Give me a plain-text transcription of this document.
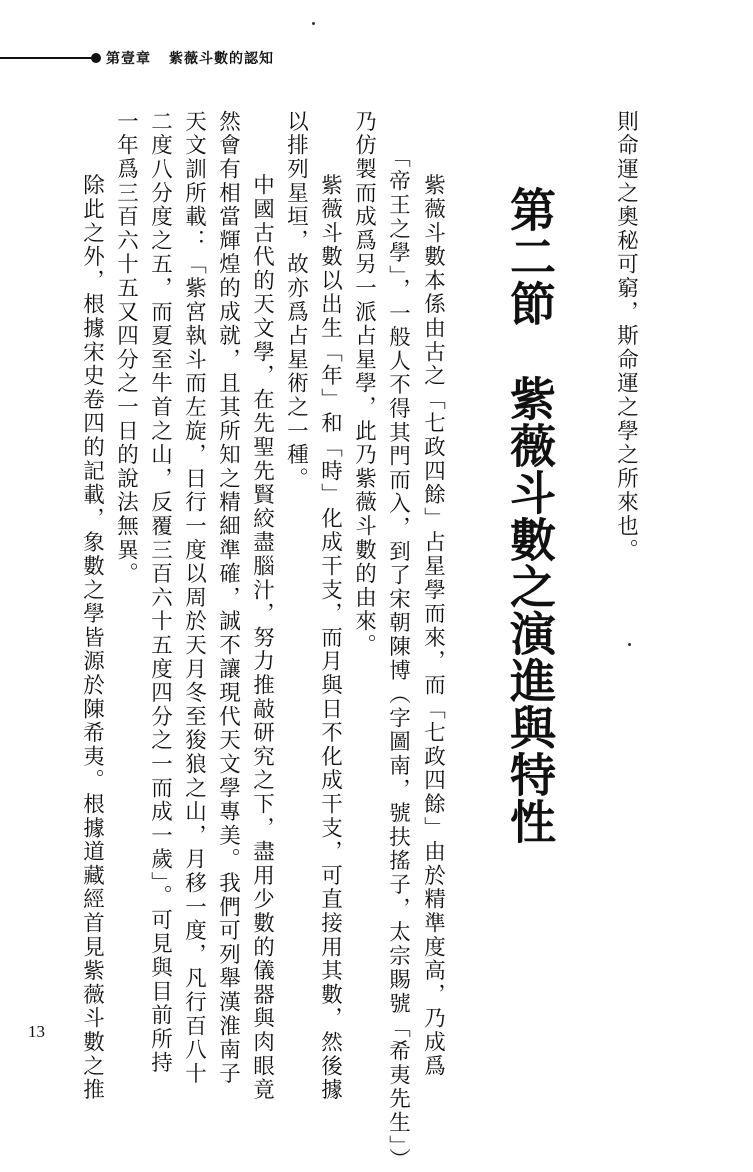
第壹章 紫薇斗數的認知
則命運之奧秘可窮，斯命運之學之所來也。
第二節紫薇斗數之演進與特性
　紫薇斗數本係由古之「七政四餘」占星學而來，而「七政四餘」由於精準度高，乃成爲
「帝王之學」，一般人不得其門而入，到了宋朝陳博（字圖南，號扶搖子，太宗賜號「希夷先生」）
乃仿製而成爲另一派占星學，此乃紫薇斗數的由來。
　紫薇斗數以出生「年」和「時」化成干支，而月與日不化成干支，可直接用其數，然後據
以排列星垣，故亦爲占星術之一種。
　中國古代的天文學，在先聖先賢絞盡腦汁，努力推敲研究之下，盡用少數的儀器與肉眼竟
然會有相當輝煌的成就，且其所知之精細準確，誠不讓現代天文學專美。我們可列舉漢淮南子
天文訓所載：「紫宮執斗而左旋，日行一度以周於天月冬至狻狼之山，月移一度，凡行百八十
二度八分度之五，而夏至牛首之山，反覆三百六十五度四分之一而成一歲」。可見與目前所持
一年爲三百六十五又四分之一日的說法無異。
　除此之外，根據宋史卷四的記載，象數之學皆源於陳希夷。根據道藏經首見紫薇斗數之推
13
